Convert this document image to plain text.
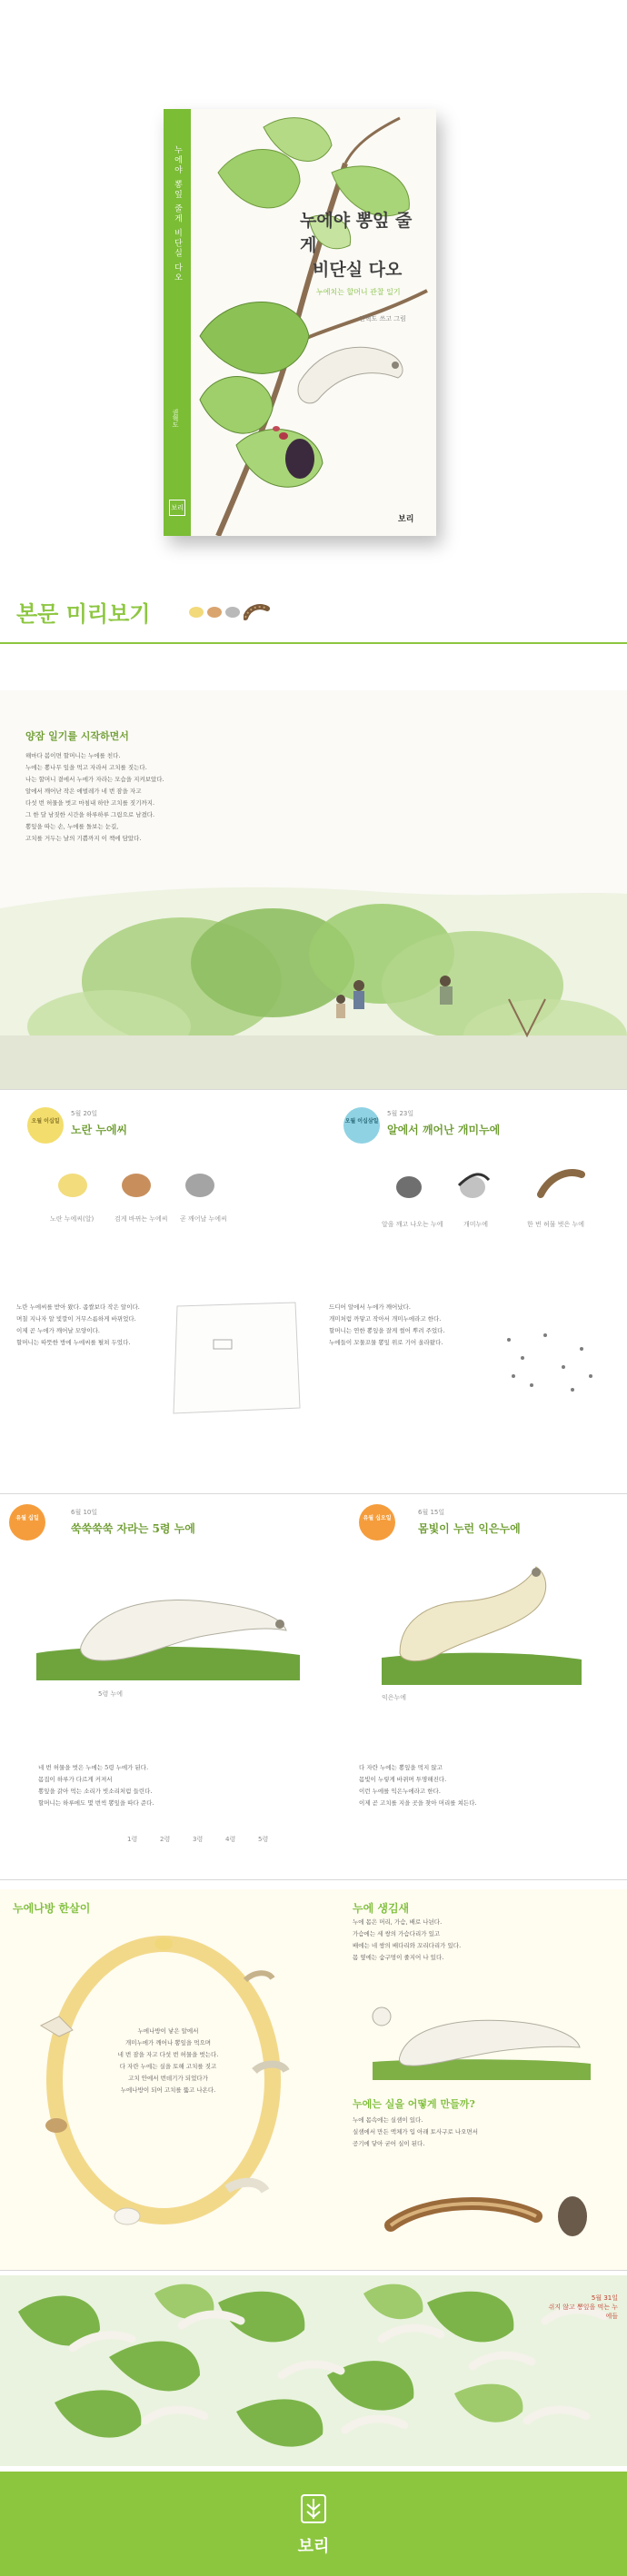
누에야 뽕잎 줄게 비단실 다오
권혁도
보리
누에야 뽕잎 줄게
비단실 다오
누에치는 할머니 관찰 일기
권혁도 쓰고 그림
보리
본문 미리보기
양잠 일기를 시작하면서
해마다 봄이면 할머니는 누에를 친다.
누에는 뽕나무 잎을 먹고 자라서 고치를 짓는다.
나는 할머니 곁에서 누에가 자라는 모습을 지켜보았다.
알에서 깨어난 작은 애벌레가 네 번 잠을 자고
다섯 번 허물을 벗고 마침내 하얀 고치를 짓기까지.
그 한 달 남짓한 시간을 하루하루 그림으로 남겼다.
뽕잎을 따는 손, 누에를 돌보는 눈길,
고치를 거두는 날의 기쁨까지 이 책에 담았다.
오월 이십일
5월 20일
노란 누에씨
노란 누에씨(알)	검게 바뀌는 누에씨 곧 깨어날 누에씨
노란 누에씨를 받아 왔다. 좁쌀보다 작은 알이다.
며칠 지나자 알 빛깔이 거무스름하게 바뀌었다.
이제 곧 누에가 깨어날 모양이다.
할머니는 따뜻한 방에 누에씨를 펼쳐 두었다.
오월 이십삼일
5월 23일
알에서 깨어난 개미누에
알을 깨고 나오는 누에	개미누에	한 번 허물 벗은 누에
드디어 알에서 누에가 깨어났다.
개미처럼 까맣고 작아서 개미누에라고 한다.
할머니는 연한 뽕잎을 잘게 썰어 뿌려 주었다.
누에들이 꼬물꼬물 뽕잎 위로 기어 올라왔다.
유월 십일
6월 10일
쑥쑥쑥쑥 자라는 5령 누에
5령 누에
네 번 허물을 벗은 누에는 5령 누에가 된다.
몸집이 하루가 다르게 커져서
뽕잎을 갉아 먹는 소리가 빗소리처럼 들린다.
할머니는 하루에도 몇 번씩 뽕잎을 따다 준다.
1령	2령	3령	4령	5령
유월 십오일
6월 15일
몸빛이 누런 익은누에
익은누에
다 자란 누에는 뽕잎을 먹지 않고
몸빛이 누렇게 바뀌며 투명해진다.
이런 누에를 익은누에라고 한다.
이제 곧 고치를 지을 곳을 찾아 머리를 쳐든다.
누에나방 한살이
누에나방이 낳은 알에서
개미누에가 깨어나 뽕잎을 먹으며
네 번 잠을 자고 다섯 번 허물을 벗는다.
다 자란 누에는 실을 토해 고치를 짓고
고치 안에서 번데기가 되었다가
누에나방이 되어 고치를 뚫고 나온다.
누에 생김새
누에 몸은 머리, 가슴, 배로 나뉜다.
가슴에는 세 쌍의 가슴다리가 있고
배에는 네 쌍의 배다리와 꼬리다리가 있다.
몸 옆에는 숨구멍이 줄지어 나 있다.
누에는 실을 어떻게 만들까?
누에 몸속에는 실샘이 있다.
실샘에서 만든 액체가 입 아래 토사구로 나오면서
공기에 닿아 굳어 실이 된다.
5월 31일
쉬지 않고 뽕잎을 먹는 누에들
보리
